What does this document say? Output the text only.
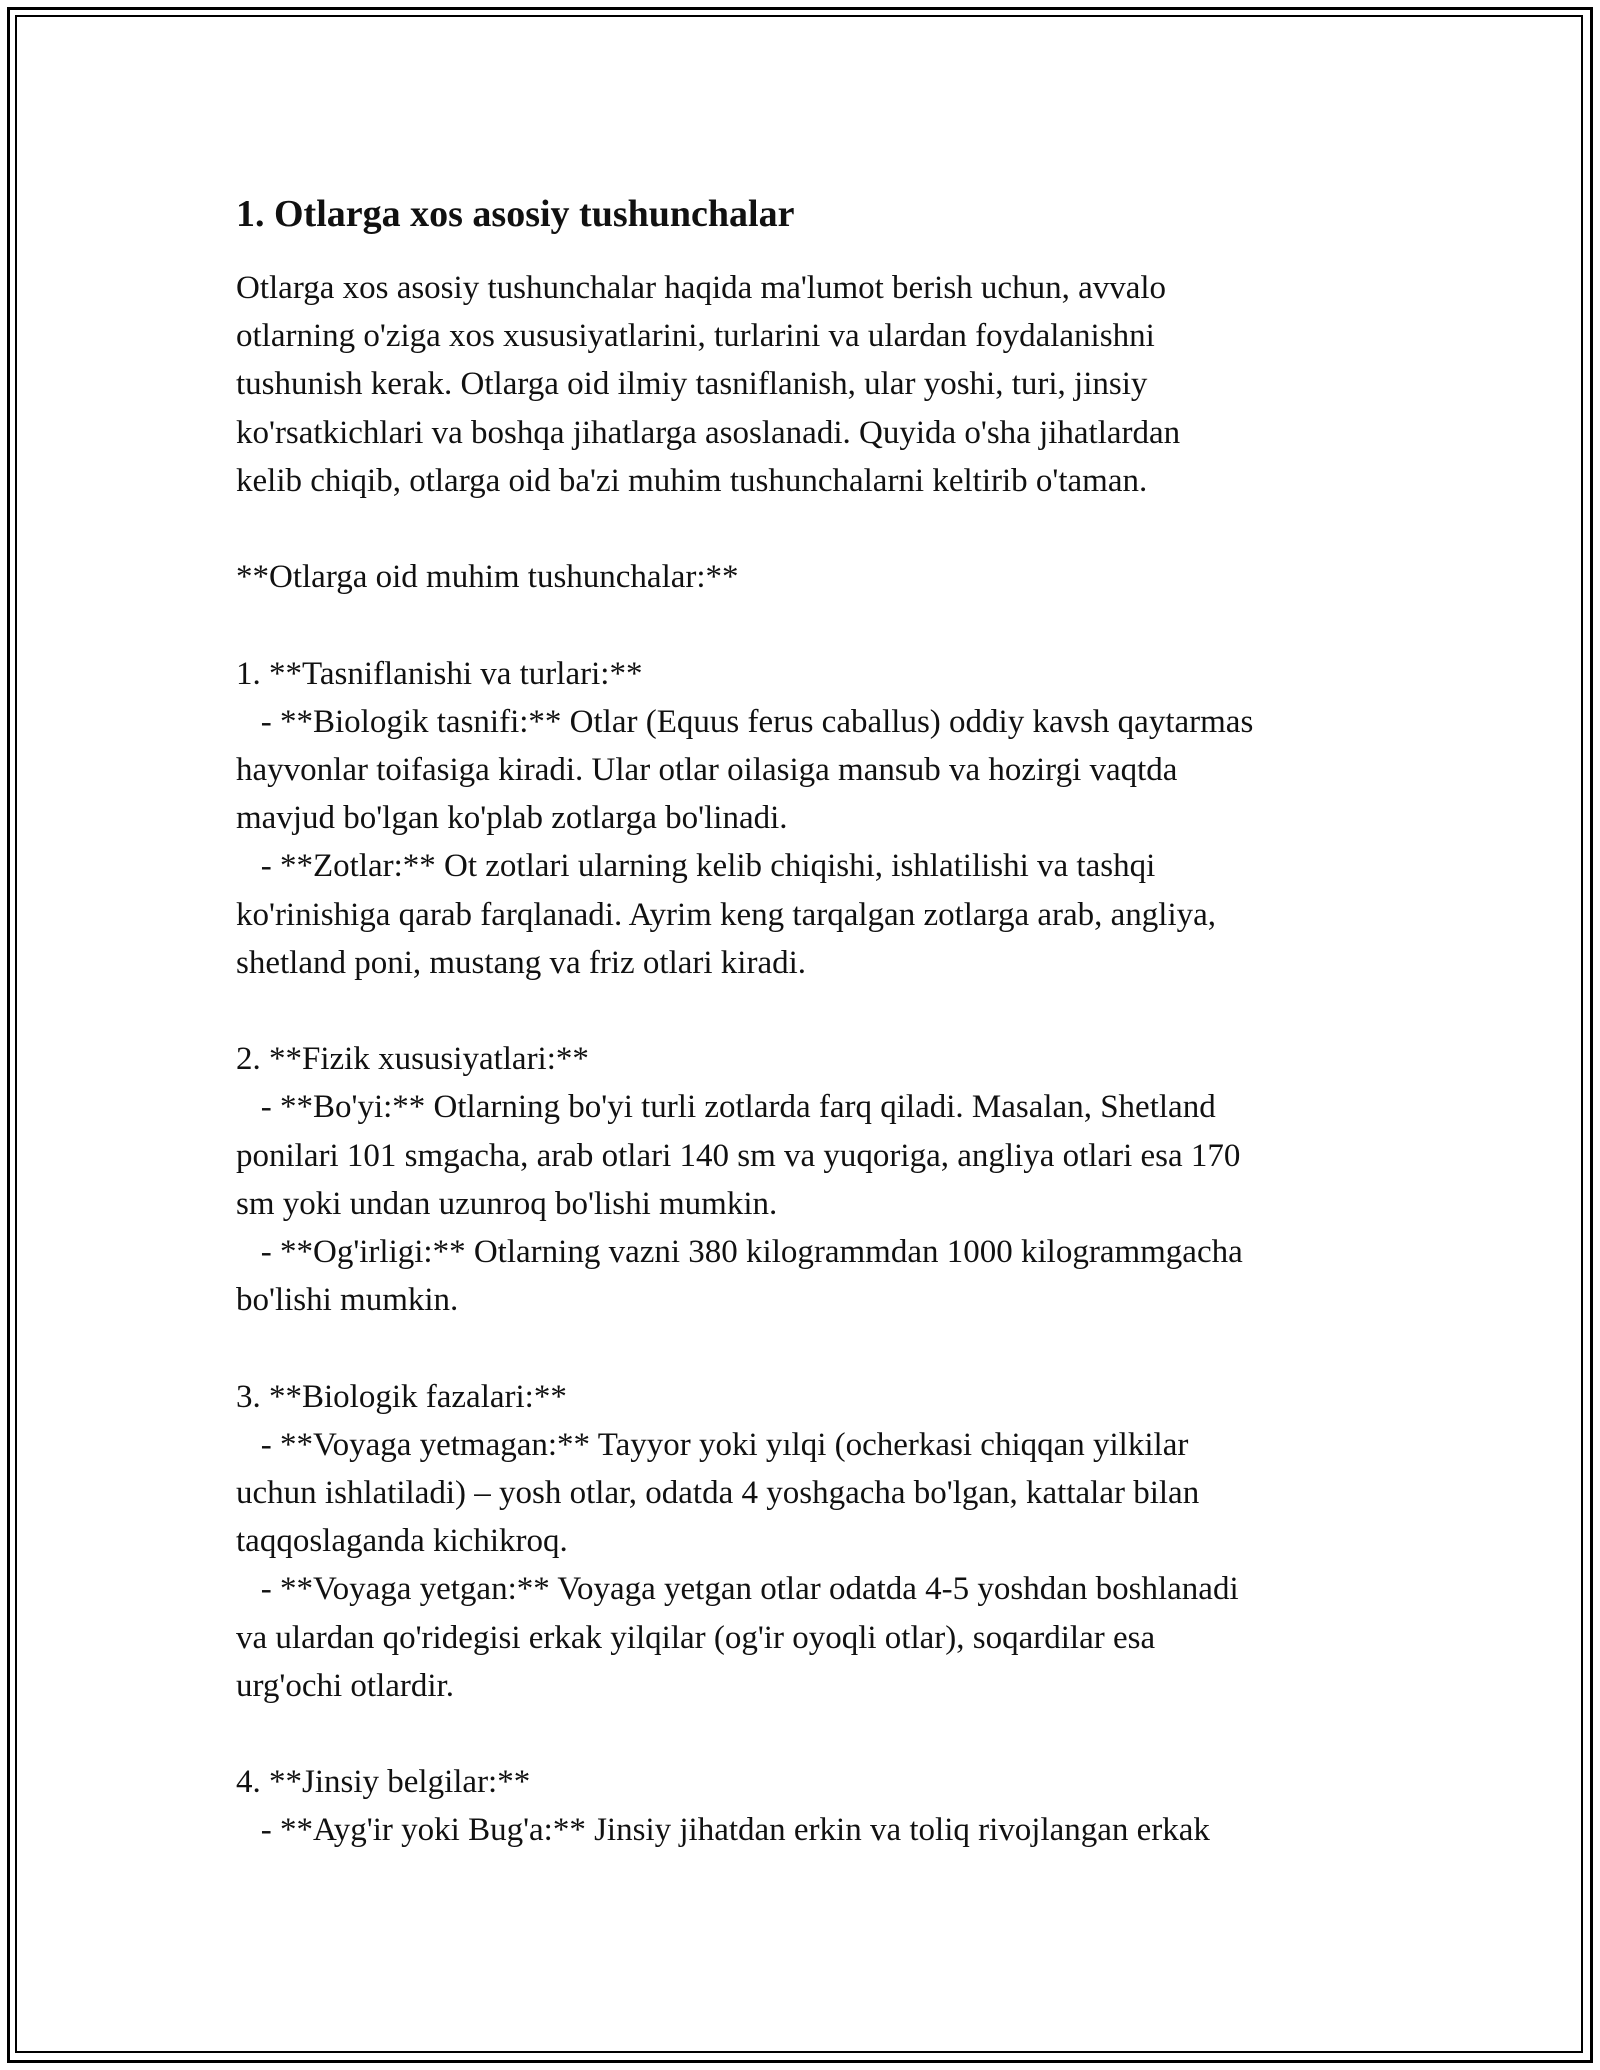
1. Otlarga xos asosiy tushunchalar
Otlarga xos asosiy tushunchalar haqida ma'lumot berish uchun, avvalo
otlarning o'ziga xos xususiyatlarini, turlarini va ulardan foydalanishni
tushunish kerak. Otlarga oid ilmiy tasniflanish, ular yoshi, turi, jinsiy
ko'rsatkichlari va boshqa jihatlarga asoslanadi. Quyida o'sha jihatlardan
kelib chiqib, otlarga oid ba'zi muhim tushunchalarni keltirib o'taman.
**Otlarga oid muhim tushunchalar:**
1. **Tasniflanishi va turlari:**
- **Biologik tasnifi:** Otlar (Equus ferus caballus) oddiy kavsh qaytarmas
hayvonlar toifasiga kiradi. Ular otlar oilasiga mansub va hozirgi vaqtda
mavjud bo'lgan ko'plab zotlarga bo'linadi.
- **Zotlar:** Ot zotlari ularning kelib chiqishi, ishlatilishi va tashqi
ko'rinishiga qarab farqlanadi. Ayrim keng tarqalgan zotlarga arab, angliya,
shetland poni, mustang va friz otlari kiradi.
2. **Fizik xususiyatlari:**
- **Bo'yi:** Otlarning bo'yi turli zotlarda farq qiladi. Masalan, Shetland
ponilari 101 smgacha, arab otlari 140 sm va yuqoriga, angliya otlari esa 170
sm yoki undan uzunroq bo'lishi mumkin.
- **Og'irligi:** Otlarning vazni 380 kilogrammdan 1000 kilogrammgacha
bo'lishi mumkin.
3. **Biologik fazalari:**
- **Voyaga yetmagan:** Tayyor yoki yılqi (ocherkasi chiqqan yilkilar
uchun ishlatiladi) – yosh otlar, odatda 4 yoshgacha bo'lgan, kattalar bilan
taqqoslaganda kichikroq.
- **Voyaga yetgan:** Voyaga yetgan otlar odatda 4-5 yoshdan boshlanadi
va ulardan qo'ridegisi erkak yilqilar (og'ir oyoqli otlar), soqardilar esa
urg'ochi otlardir.
4. **Jinsiy belgilar:**
- **Ayg'ir yoki Bug'a:** Jinsiy jihatdan erkin va toliq rivojlangan erkak
